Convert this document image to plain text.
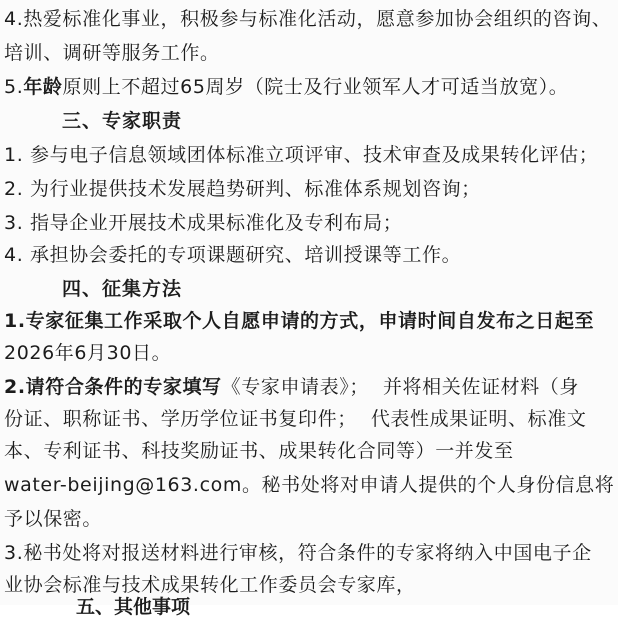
4.热爱标准化事业，积极参与标准化活动，愿意参加协会组织的咨询、
培训、调研等服务工作。
5.年龄原则上不超过65周岁（院士及行业领军人才可适当放宽）。
三、专家职责
1. 参与电子信息领域团体标准立项评审、技术审查及成果转化评估；
2. 为行业提供技术发展趋势研判、标准体系规划咨询；
3. 指导企业开展技术成果标准化及专利布局；
4. 承担协会委托的专项课题研究、培训授课等工作。
四、征集方法
1.专家征集工作采取个人自愿申请的方式，申请时间自发布之日起至
2026年6月30日。
2.请符合条件的专家填写《专家申请表》； 并将相关佐证材料（身
份证、职称证书、学历学位证书复印件； 代表性成果证明、标准文
本、专利证书、科技奖励证书、成果转化合同等）一并发至
water-beijing@163.com。秘书处将对申请人提供的个人身份信息将
予以保密。
3.秘书处将对报送材料进行审核，符合条件的专家将纳入中国电子企
业协会标准与技术成果转化工作委员会专家库，
五、其他事项
